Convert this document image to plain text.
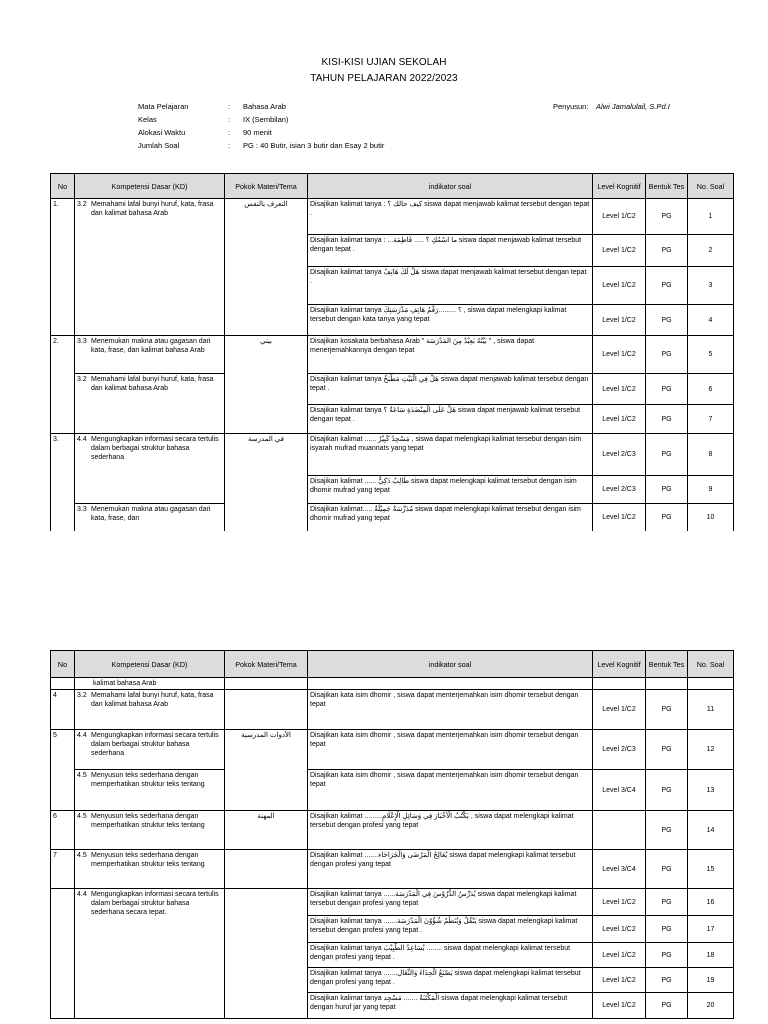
KISI-KISI UJIAN SEKOLAH
TAHUN PELAJARAN 2022/2023
Mata Pelajaran	: Bahasa Arab
Kelas	: IX (Sembilan)
Alokasi Waktu	: 90 menit
Jumlah Soal	: PG : 40 Butir, isian 3 butir dan Esay 2 butir
Penyusun: Alwi Jamalulail, S.Pd.I
No	Kompetensi Dasar (KD)	Pokok Materi/Tema	indikator soal	Level Kognitif	Bentuk Tes	No. Soal
1.	3.2 Memahami lafal bunyi huruf, kata, frasa dan kalimat bahasa Arab	التعرف بالنفس	Disajikan kalimat tanya : كيف حالك ؟ siswa dapat menjawab kalimat tersebut dengan tepat .	Level 1/C2	PG	1
			Disajikan kalimat tanya : ...ما اسْمُكِ ؟ ..... فَاطِمَة siswa dapat menjawab kalimat tersebut dengan tepat .	Level 1/C2	PG	2
			Disajikan kalimat tanya هَلْ لَكَ هَاتِفٌ siswa dapat menjawab kalimat tersebut dengan tepat .	Level 1/C2	PG	3
			Disajikan kalimat tanya ؟ .........رَقْمُ هَاتِفِ مَدْرَسَتِكَ , siswa dapat melengkapi kalimat tersebut dengan kata tanya yang tepat	Level 1/C2	PG	4
2.	3.3 Menemukan makna atau gagasan dari kata, frase, dan kalimat bahasa Arab	بيتي	Disajikan kosakata berbahasa Arab " بَيْتُهُ بَعِيْدٌ مِنَ المَدْرَسَة " , siswa dapat menerjemahkannya dengan tepat	Level 1/C2	PG	5
	3.2 Memahami lafal bunyi huruf, kata, frasa dan kalimat bahasa Arab		Disajikan kalimat tanya هَلْ فِي الْبَيْتِ مَطْبَخٌ siswa dapat menjawab kalimat tersebut dengan tepat .	Level 1/C2	PG	6
			Disajikan kalimat tanya هَلْ عَلَى الْمِنْضَدَةِ سَاعَةٌ ؟ siswa dapat menjawab kalimat tersebut dengan tepat .	Level 1/C2	PG	7
3.	4.4 Mengungkapkan informasi secara tertulis dalam berbagai struktur bahasa sederhana	في المدرسة	Disajikan kalimat ...... مَسْجِدٌ كَبِيْرٌ , siswa dapat melengkapi kalimat tersebut dengan isim isyarah mufrad muannats yang tepat	Level 2/C3	PG	8
			Disajikan kalimat ...... طَالِبٌ ذَكِيٌّ siswa dapat melengkapi kalimat tersebut dengan isim dhomir mufrad yang tepat	Level 2/C3	PG	9
	3.3 Menemukan makna atau gagasan dari kata, frase, dan		Disajikan kalimat..... مُدَرِّسَةٌ جَمِيْلَةٌ siswa dapat melengkapi kalimat tersebut dengan isim dhomir mufrad yang tepat	Level 1/C2	PG	10
No	Kompetensi Dasar (KD)	Pokok Materi/Tema	indikator soal	Level Kognitif	Bentuk Tes	No. Soal
	kalimat bahasa Arab					
4	3.2 Memahami lafal bunyi huruf, kata, frasa dan kalimat bahasa Arab		Disajikan kata isim dhomir , siswa dapat menterjemahkan isim dhomir tersebut dengan tepat	Level 1/C2	PG	11
5	4.4 Mengungkapkan informasi secara tertulis dalam berbagai struktur bahasa sederhana	الأدوات المدرسية	Disajikan kata isim dhomir , siswa dapat menterjemahkan isim dhomir tersebut dengan tepat	Level 2/C3	PG	12
	4.5 Menyusun teks sederhana dengan memperhatikan struktur teks tentang		Disajikan kata isim dhomir , siswa dapat menterjemahkan isim dhomir tersebut dengan tepat	Level 3/C4	PG	13
6	4.5 Menyusun teks sederhana dengan memperhatikan struktur teks tentang	المهنة	Disajikan kalimat .........يَكْتُبُ الْأَخْبَارَ فِي وَسَائِلِ الْإِعْلَامِ , siswa dapat melengkapi kalimat tersebut dengan profesi yang tepat		PG	14
7	4.5 Menyusun teks sederhana dengan memperhatikan struktur teks tentang		Disajikan kalimat .......يُعَالِجُ الْمَرْضَى وَالْجَرَاحَاء siswa dapat melengkapi kalimat tersebut dengan profesi yang tepat	Level 3/C4	PG	15
	4.4 Mengungkapkan informasi secara tertulis dalam berbagai struktur bahasa sederhana secara tepat.		Disajikan kalimat tanya ......يُدَرِّسُ الدُّرُوْسَ فِي الْمَدْرَسَة siswa dapat melengkapi kalimat tersebut dengan profesi yang tepat	Level 1/C2	PG	16
			Disajikan kalimat tanya .......يَنْقُلُ وَيُنَظِّمُ شُؤُوْنَ الْمَدْرَسَة siswa dapat melengkapi kalimat tersebut dengan profesi yang tepat .	Level 1/C2	PG	17
			Disajikan kalimat tanya يُسَاعِدُ الطَّبِيْبَ ........ siswa dapat melengkapi kalimat tersebut dengan profesi yang tepat .	Level 1/C2	PG	18
			Disajikan kalimat tanya .......يَصْنَعُ الْحِذَاءَ وَالنِّعَال siswa dapat melengkapi kalimat tersebut dengan profesi yang tepat .	Level 1/C2	PG	19
			Disajikan kalimat tanya الْمَكْتَبَةُ ....... مَسْجِد siswa dapat melengkapi kalimat tersebut dengan huruf jar yang tepat	Level 1/C2	PG	20
